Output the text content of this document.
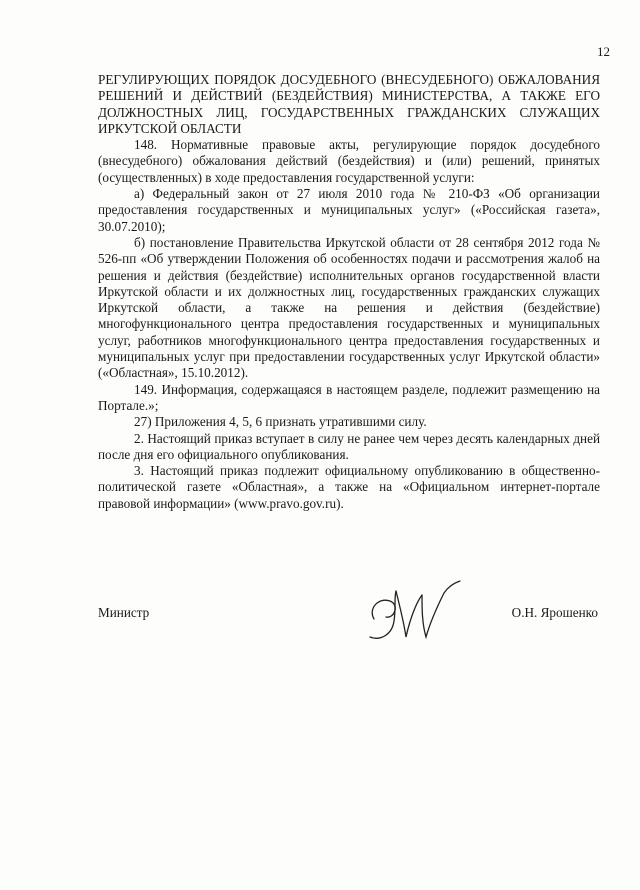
12

РЕГУЛИРУЮЩИХ ПОРЯДОК ДОСУДЕБНОГО (ВНЕСУДЕБНОГО) ОБЖАЛОВАНИЯ РЕШЕНИЙ И ДЕЙСТВИЙ (БЕЗДЕЙСТВИЯ) МИНИСТЕРСТВА, А ТАКЖЕ ЕГО ДОЛЖНОСТНЫХ ЛИЦ, ГОСУДАРСТВЕННЫХ ГРАЖДАНСКИХ СЛУЖАЩИХ ИРКУТСКОЙ ОБЛАСТИ

148. Нормативные правовые акты, регулирующие порядок досудебного (внесудебного) обжалования действий (бездействия) и (или) решений, принятых (осуществленных) в ходе предоставления государственной услуги:

а) Федеральный закон от 27 июля 2010 года № 210-ФЗ «Об организации предоставления государственных и муниципальных услуг» («Российская газета», 30.07.2010);

б) постановление Правительства Иркутской области от 28 сентября 2012 года № 526-пп «Об утверждении Положения об особенностях подачи и рассмотрения жалоб на решения и действия (бездействие) исполнительных органов государственной власти Иркутской области и их должностных лиц, государственных гражданских служащих Иркутской области, а также на решения и действия (бездействие) многофункционального центра предоставления государственных и муниципальных услуг, работников многофункционального центра предоставления государственных и муниципальных услуг при предоставлении государственных услуг Иркутской области» («Областная», 15.10.2012).

149. Информация, содержащаяся в настоящем разделе, подлежит размещению на Портале.»;

27) Приложения 4, 5, 6 признать утратившими силу.

2. Настоящий приказ вступает в силу не ранее чем через десять календарных дней после дня его официального опубликования.

3. Настоящий приказ подлежит официальному опубликованию в общественно-политической газете «Областная», а также на «Официальном интернет-портале правовой информации» (www.pravo.gov.ru).

Министр	О.Н. Ярошенко
